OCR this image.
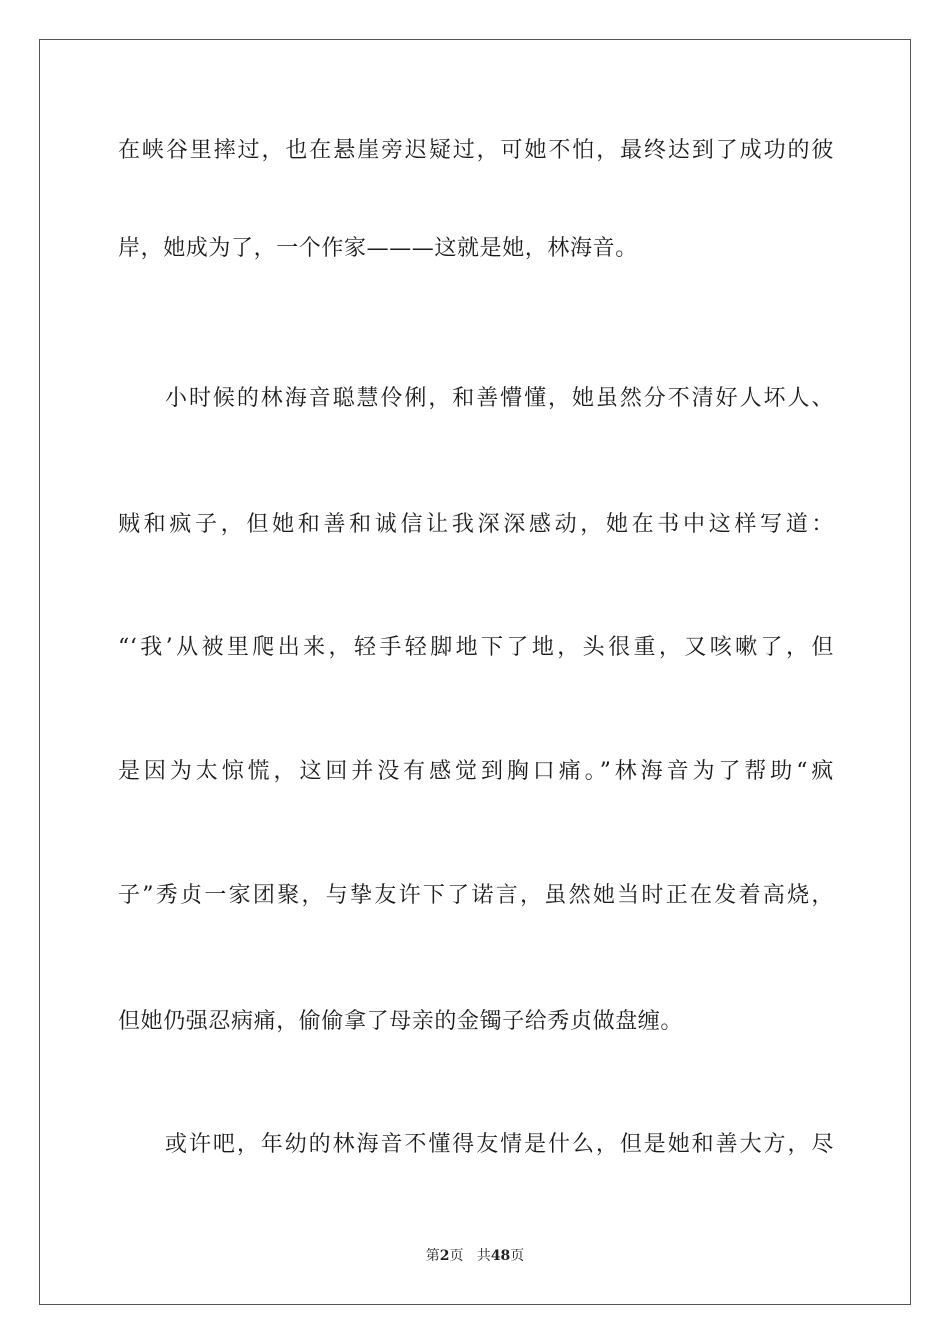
在峡谷里摔过，也在悬崖旁迟疑过，可她不怕，最终达到了成功的彼
岸，她成为了，一个作家———这就是她，林海音。
小时候的林海音聪慧伶俐，和善懵懂，她虽然分不清好人坏人、
贼和疯子，但她和善和诚信让我深深感动，她在书中这样写道：
“‘我’从被里爬出来，轻手轻脚地下了地，头很重，又咳嗽了，但
是因为太惊慌，这回并没有感觉到胸口痛。”林海音为了帮助“疯
子”秀贞一家团聚，与挚友许下了诺言，虽然她当时正在发着高烧，
但她仍强忍病痛，偷偷拿了母亲的金镯子给秀贞做盘缠。
或许吧，年幼的林海音不懂得友情是什么，但是她和善大方，尽
第2页 共48页
